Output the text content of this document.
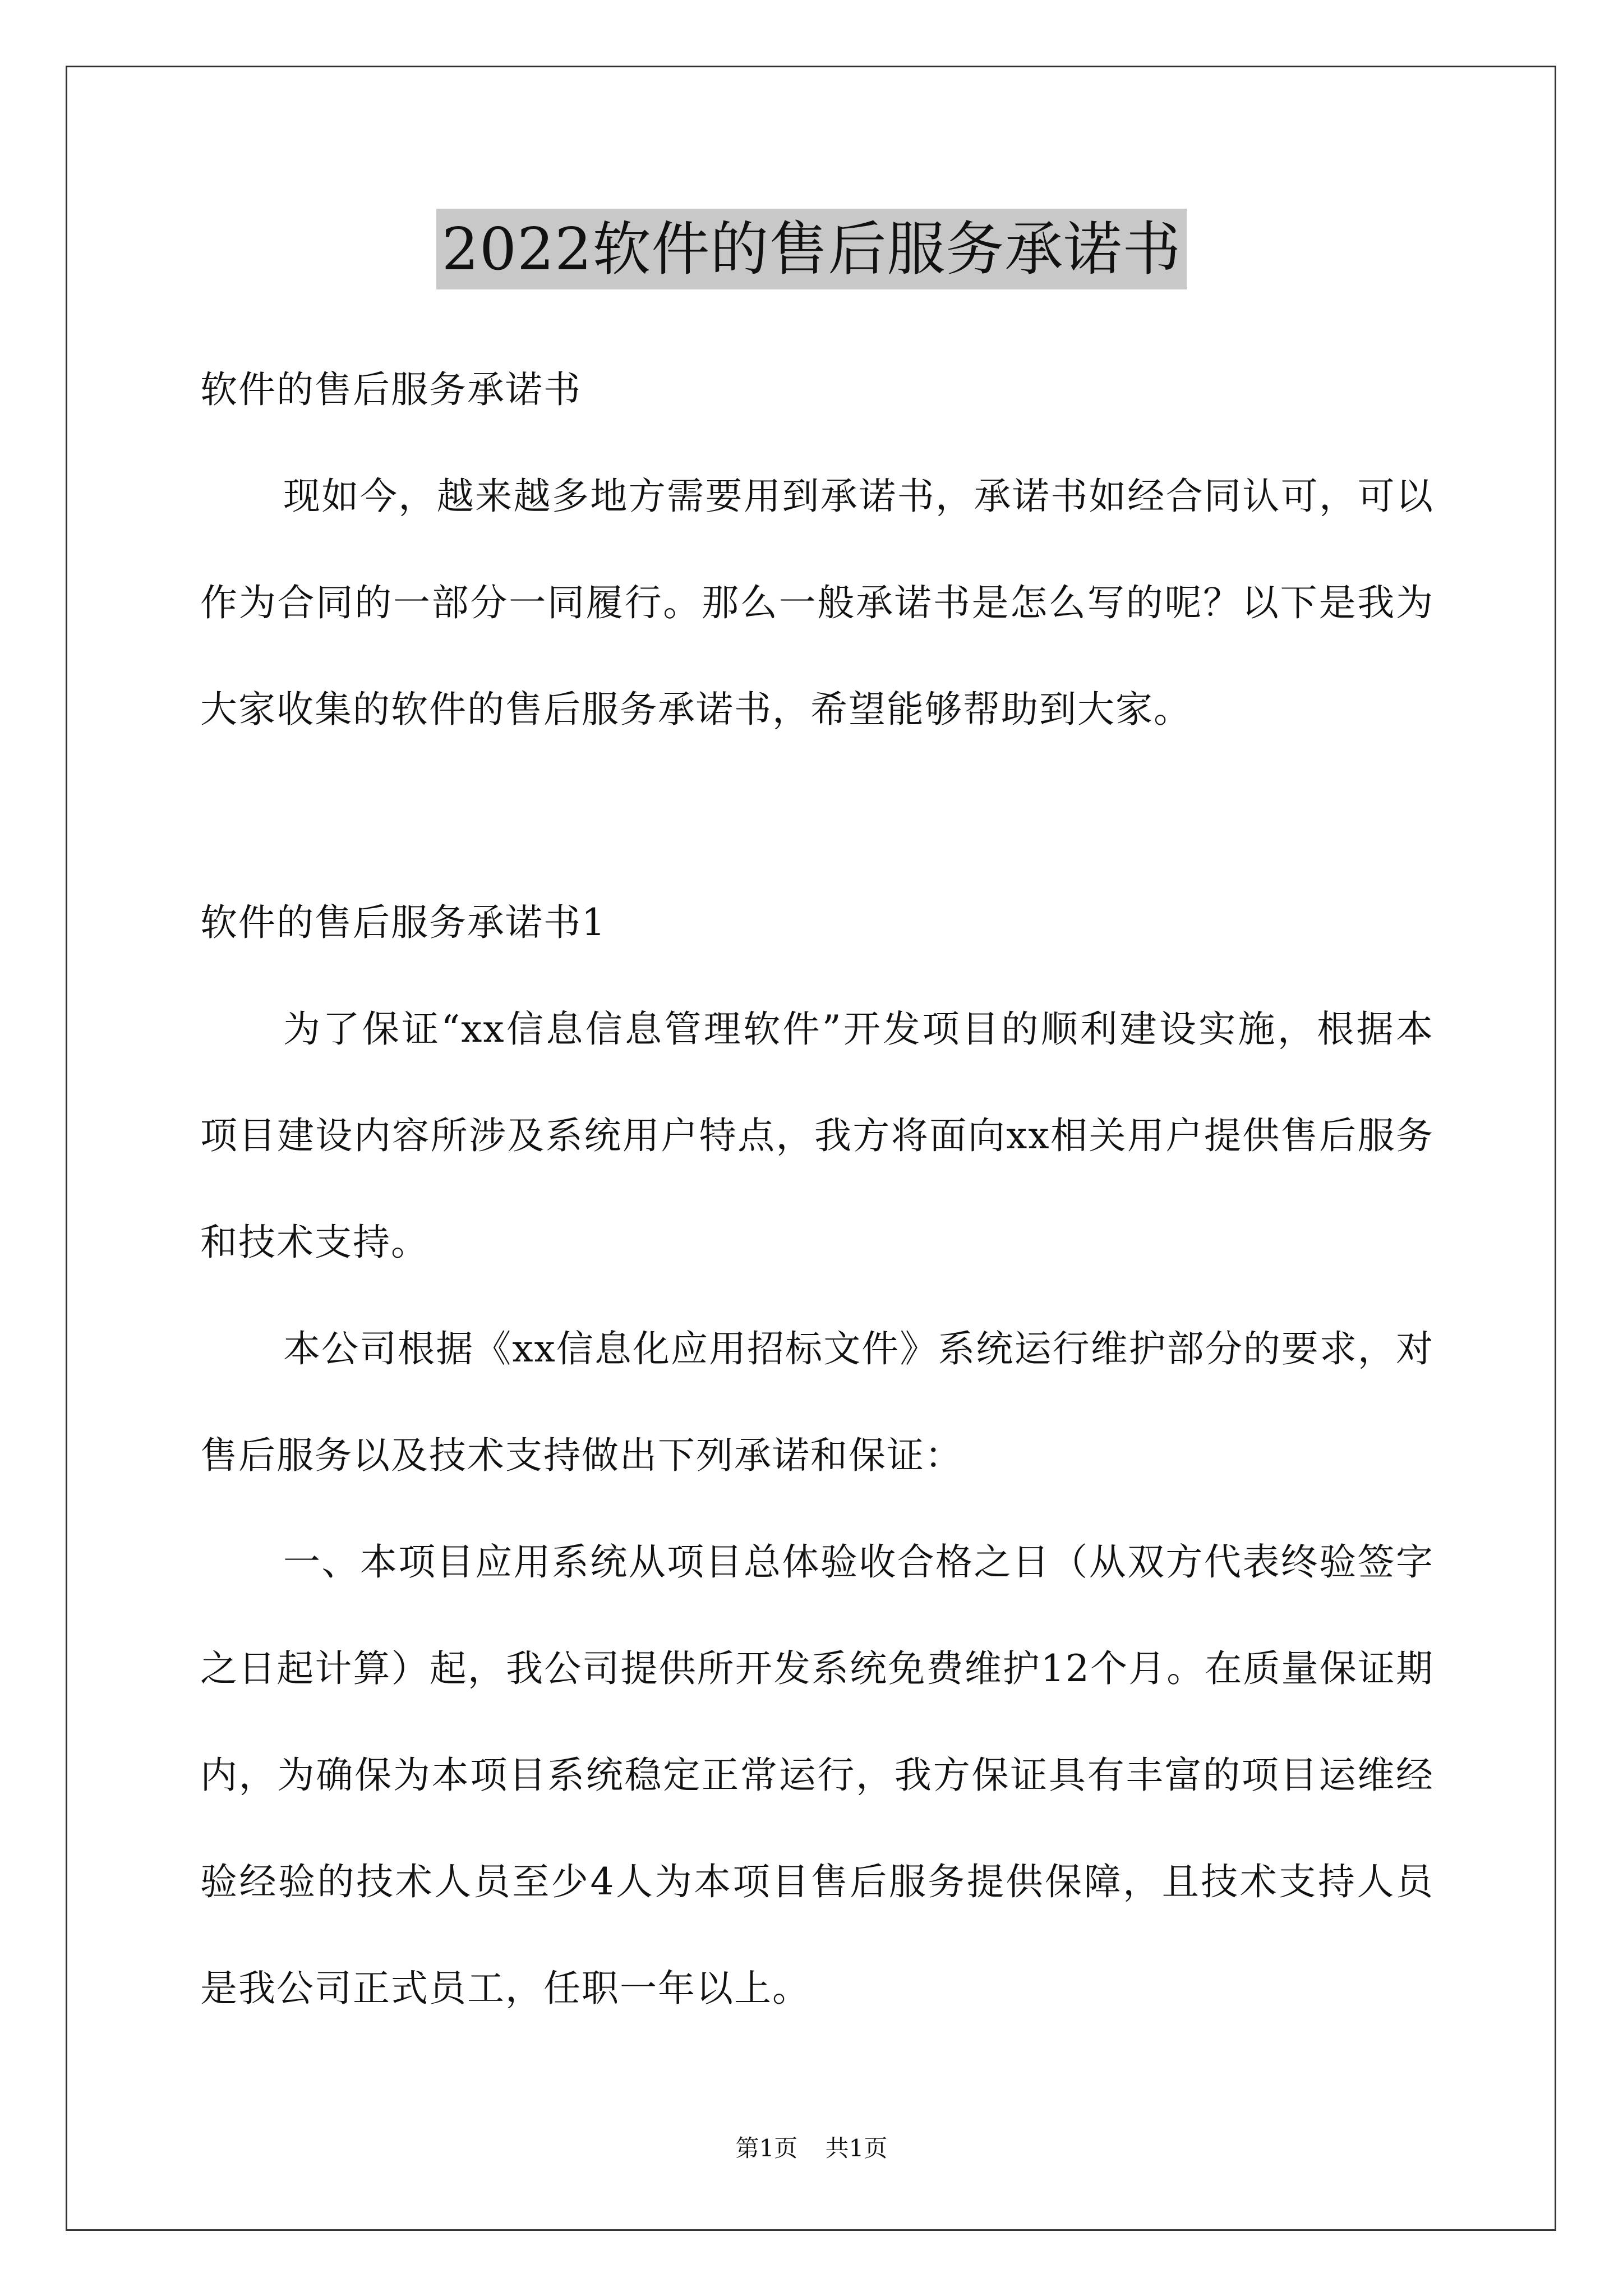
2022软件的售后服务承诺书

软件的售后服务承诺书

现如今，越来越多地方需要用到承诺书，承诺书如经合同认可，可以作为合同的一部分一同履行。那么一般承诺书是怎么写的呢？以下是我为大家收集的软件的售后服务承诺书，希望能够帮助到大家。

软件的售后服务承诺书1

为了保证“xx信息信息管理软件”开发项目的顺利建设实施，根据本项目建设内容所涉及系统用户特点，我方将面向xx相关用户提供售后服务和技术支持。

本公司根据《xx信息化应用招标文件》系统运行维护部分的要求，对售后服务以及技术支持做出下列承诺和保证：

一、本项目应用系统从项目总体验收合格之日（从双方代表终验签字之日起计算）起，我公司提供所开发系统免费维护12个月。在质量保证期内，为确保为本项目系统稳定正常运行，我方保证具有丰富的项目运维经验经验的技术人员至少4人为本项目售后服务提供保障，且技术支持人员是我公司正式员工，任职一年以上。

第1页 共1页
